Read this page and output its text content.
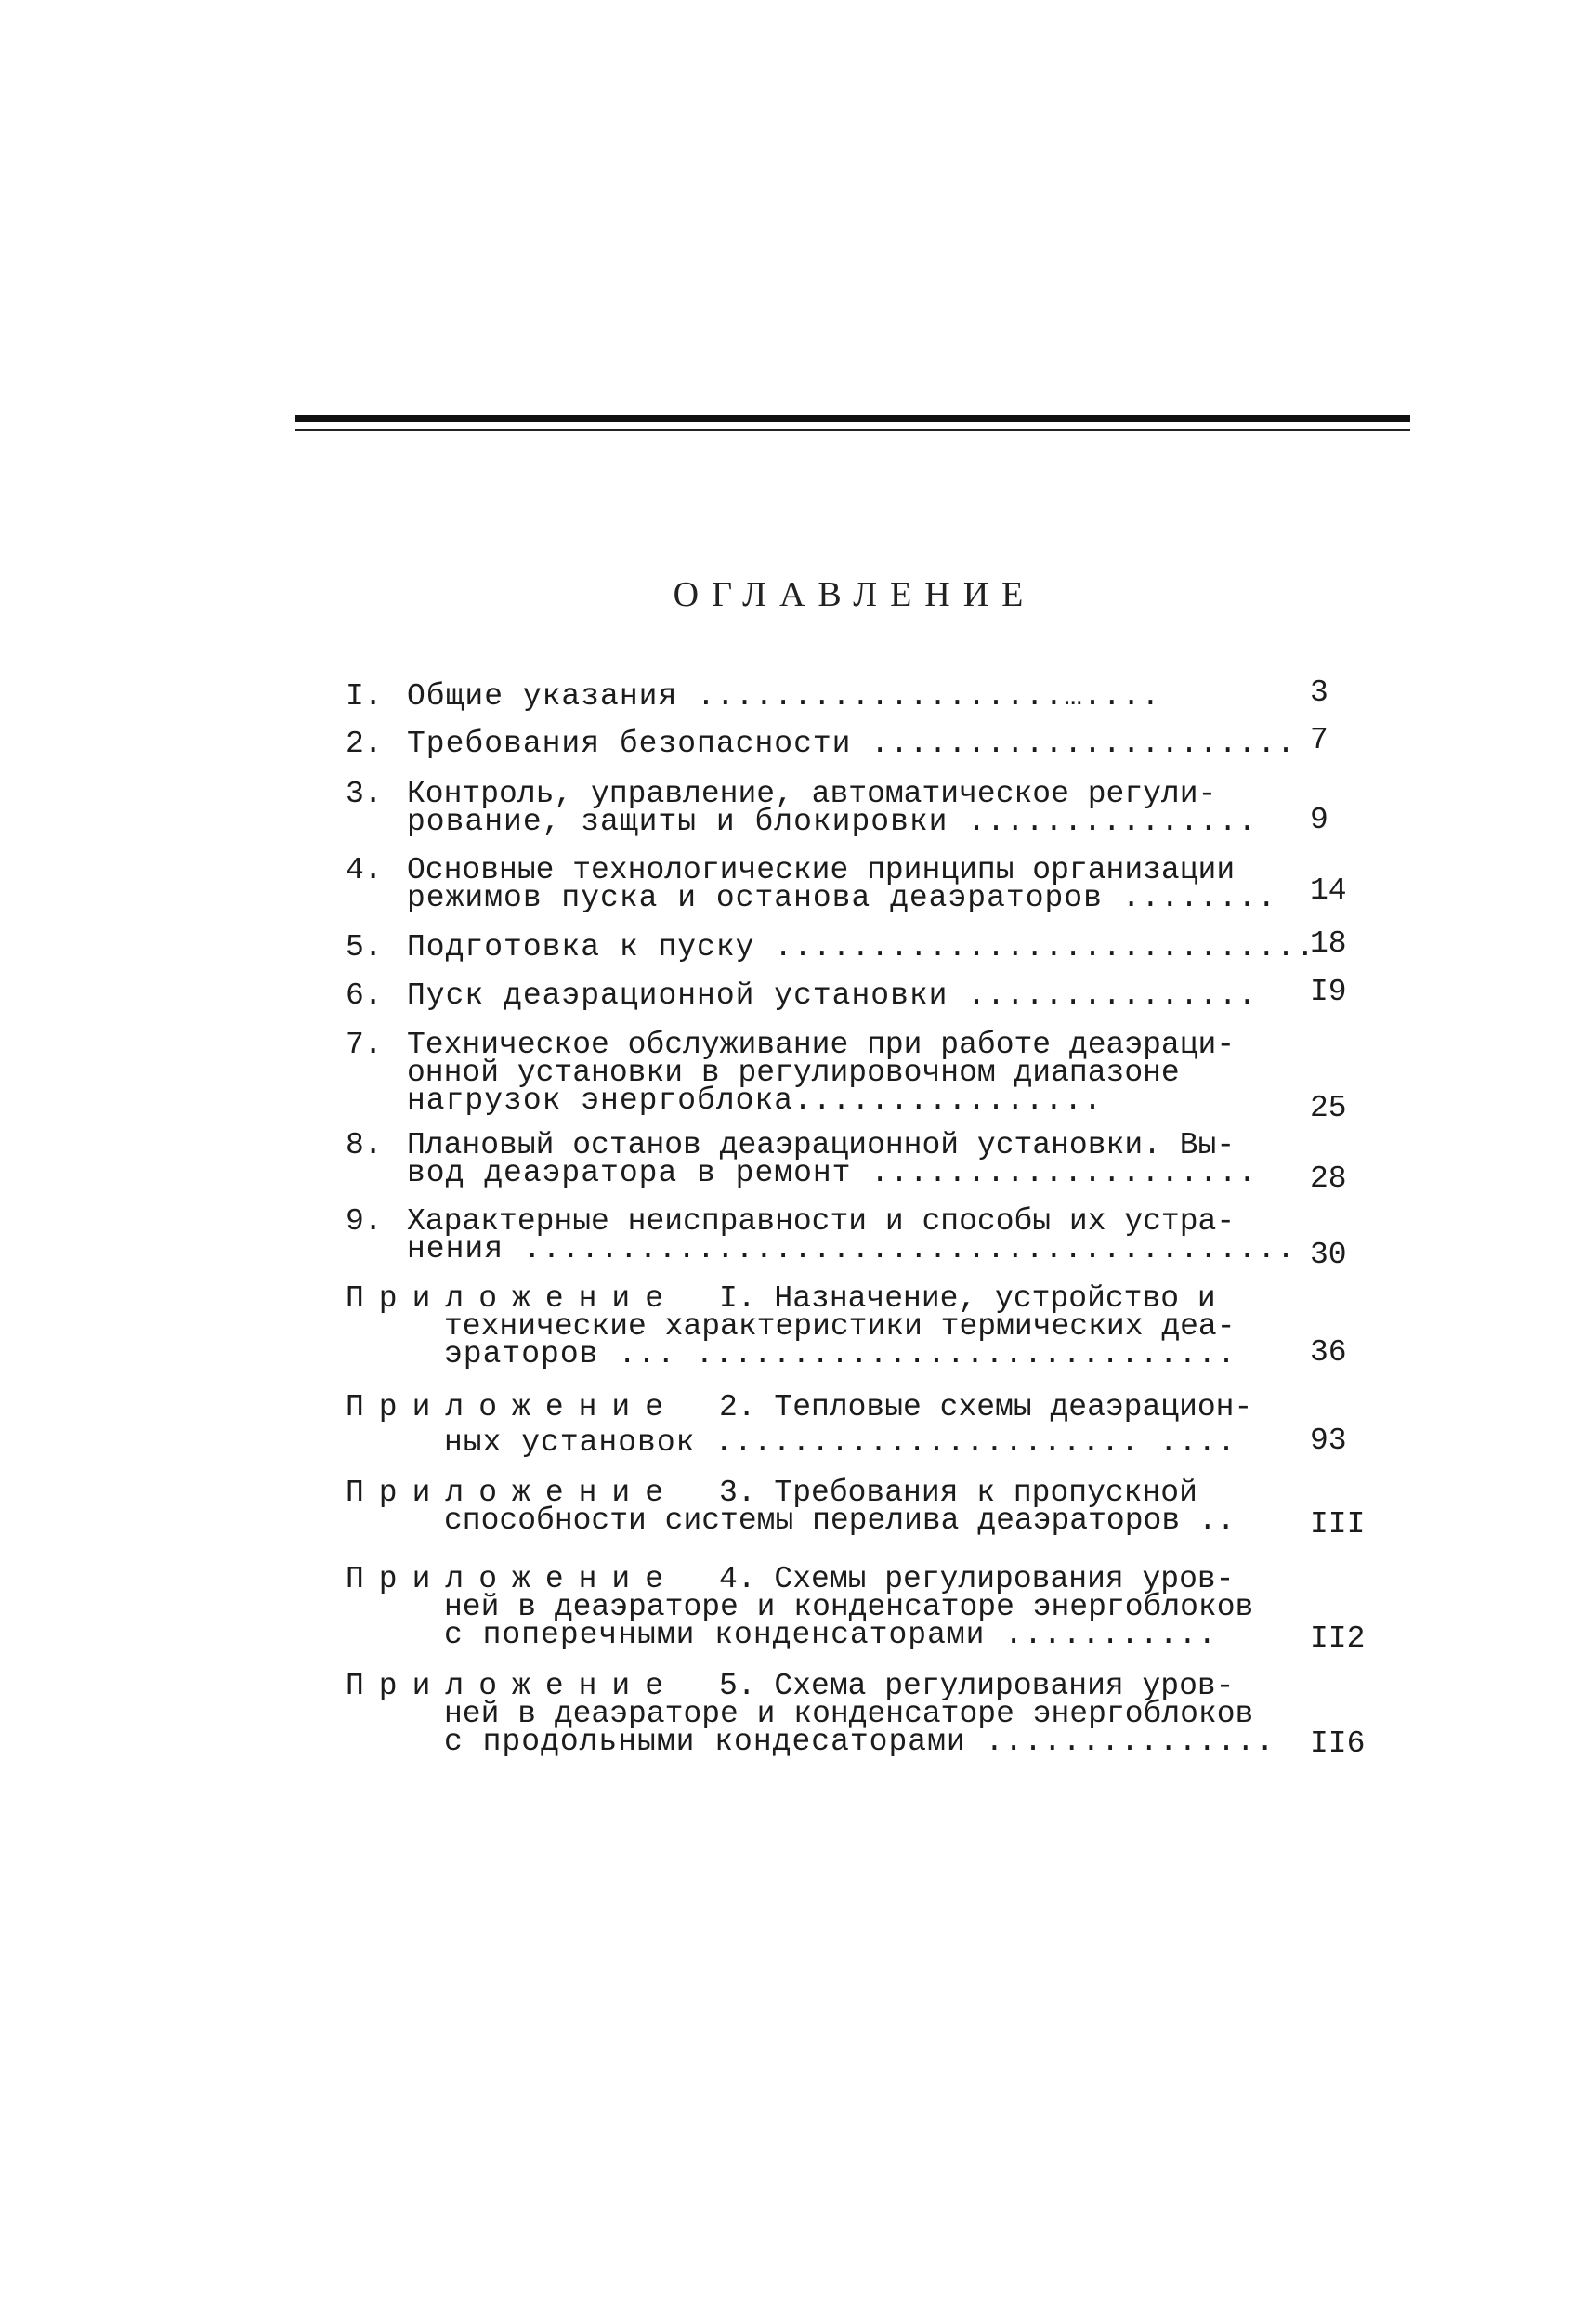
ОГЛАВЛЕНИЕ
I. Общие указания ...................…....	3
2. Требования безопасности ...................... 7
3. Контроль, управление, автоматическое регули-
рование, защиты и блокировки ............... 9
4. Основные технологические принципы организации
режимов пуска и останова деаэраторов ........ 14
5. Подготовка к пуску ............................
18
6. Пуск деаэрационной установки ............... I9
7. Техническое обслуживание при работе деаэраци-
онной установки в регулировочном диапазоне
нагрузок энергоблока................	25
8. Плановый останов деаэрационной установки. Вы-
вод деаэратора в ремонт .................... 28
9. Характерные неисправности и способы их устра-
нения ........................................ 30
Приложение I. Назначение, устройство и
технические характеристики термических деа-
эраторов ... ............................ 36
Приложение 2. Тепловые схемы деаэрацион-
ных установок ...................... .... 93
Приложение 3. Требования к пропускной
способности системы перелива деаэраторов .. III
Приложение 4. Схемы регулирования уров-
ней в деаэраторе и конденсаторе энергоблоков
с поперечными конденсаторами ...........	II2
Приложение 5. Схема регулирования уров-
ней в деаэраторе и конденсаторе энергоблоков
с продольными кондесаторами ............... II6
